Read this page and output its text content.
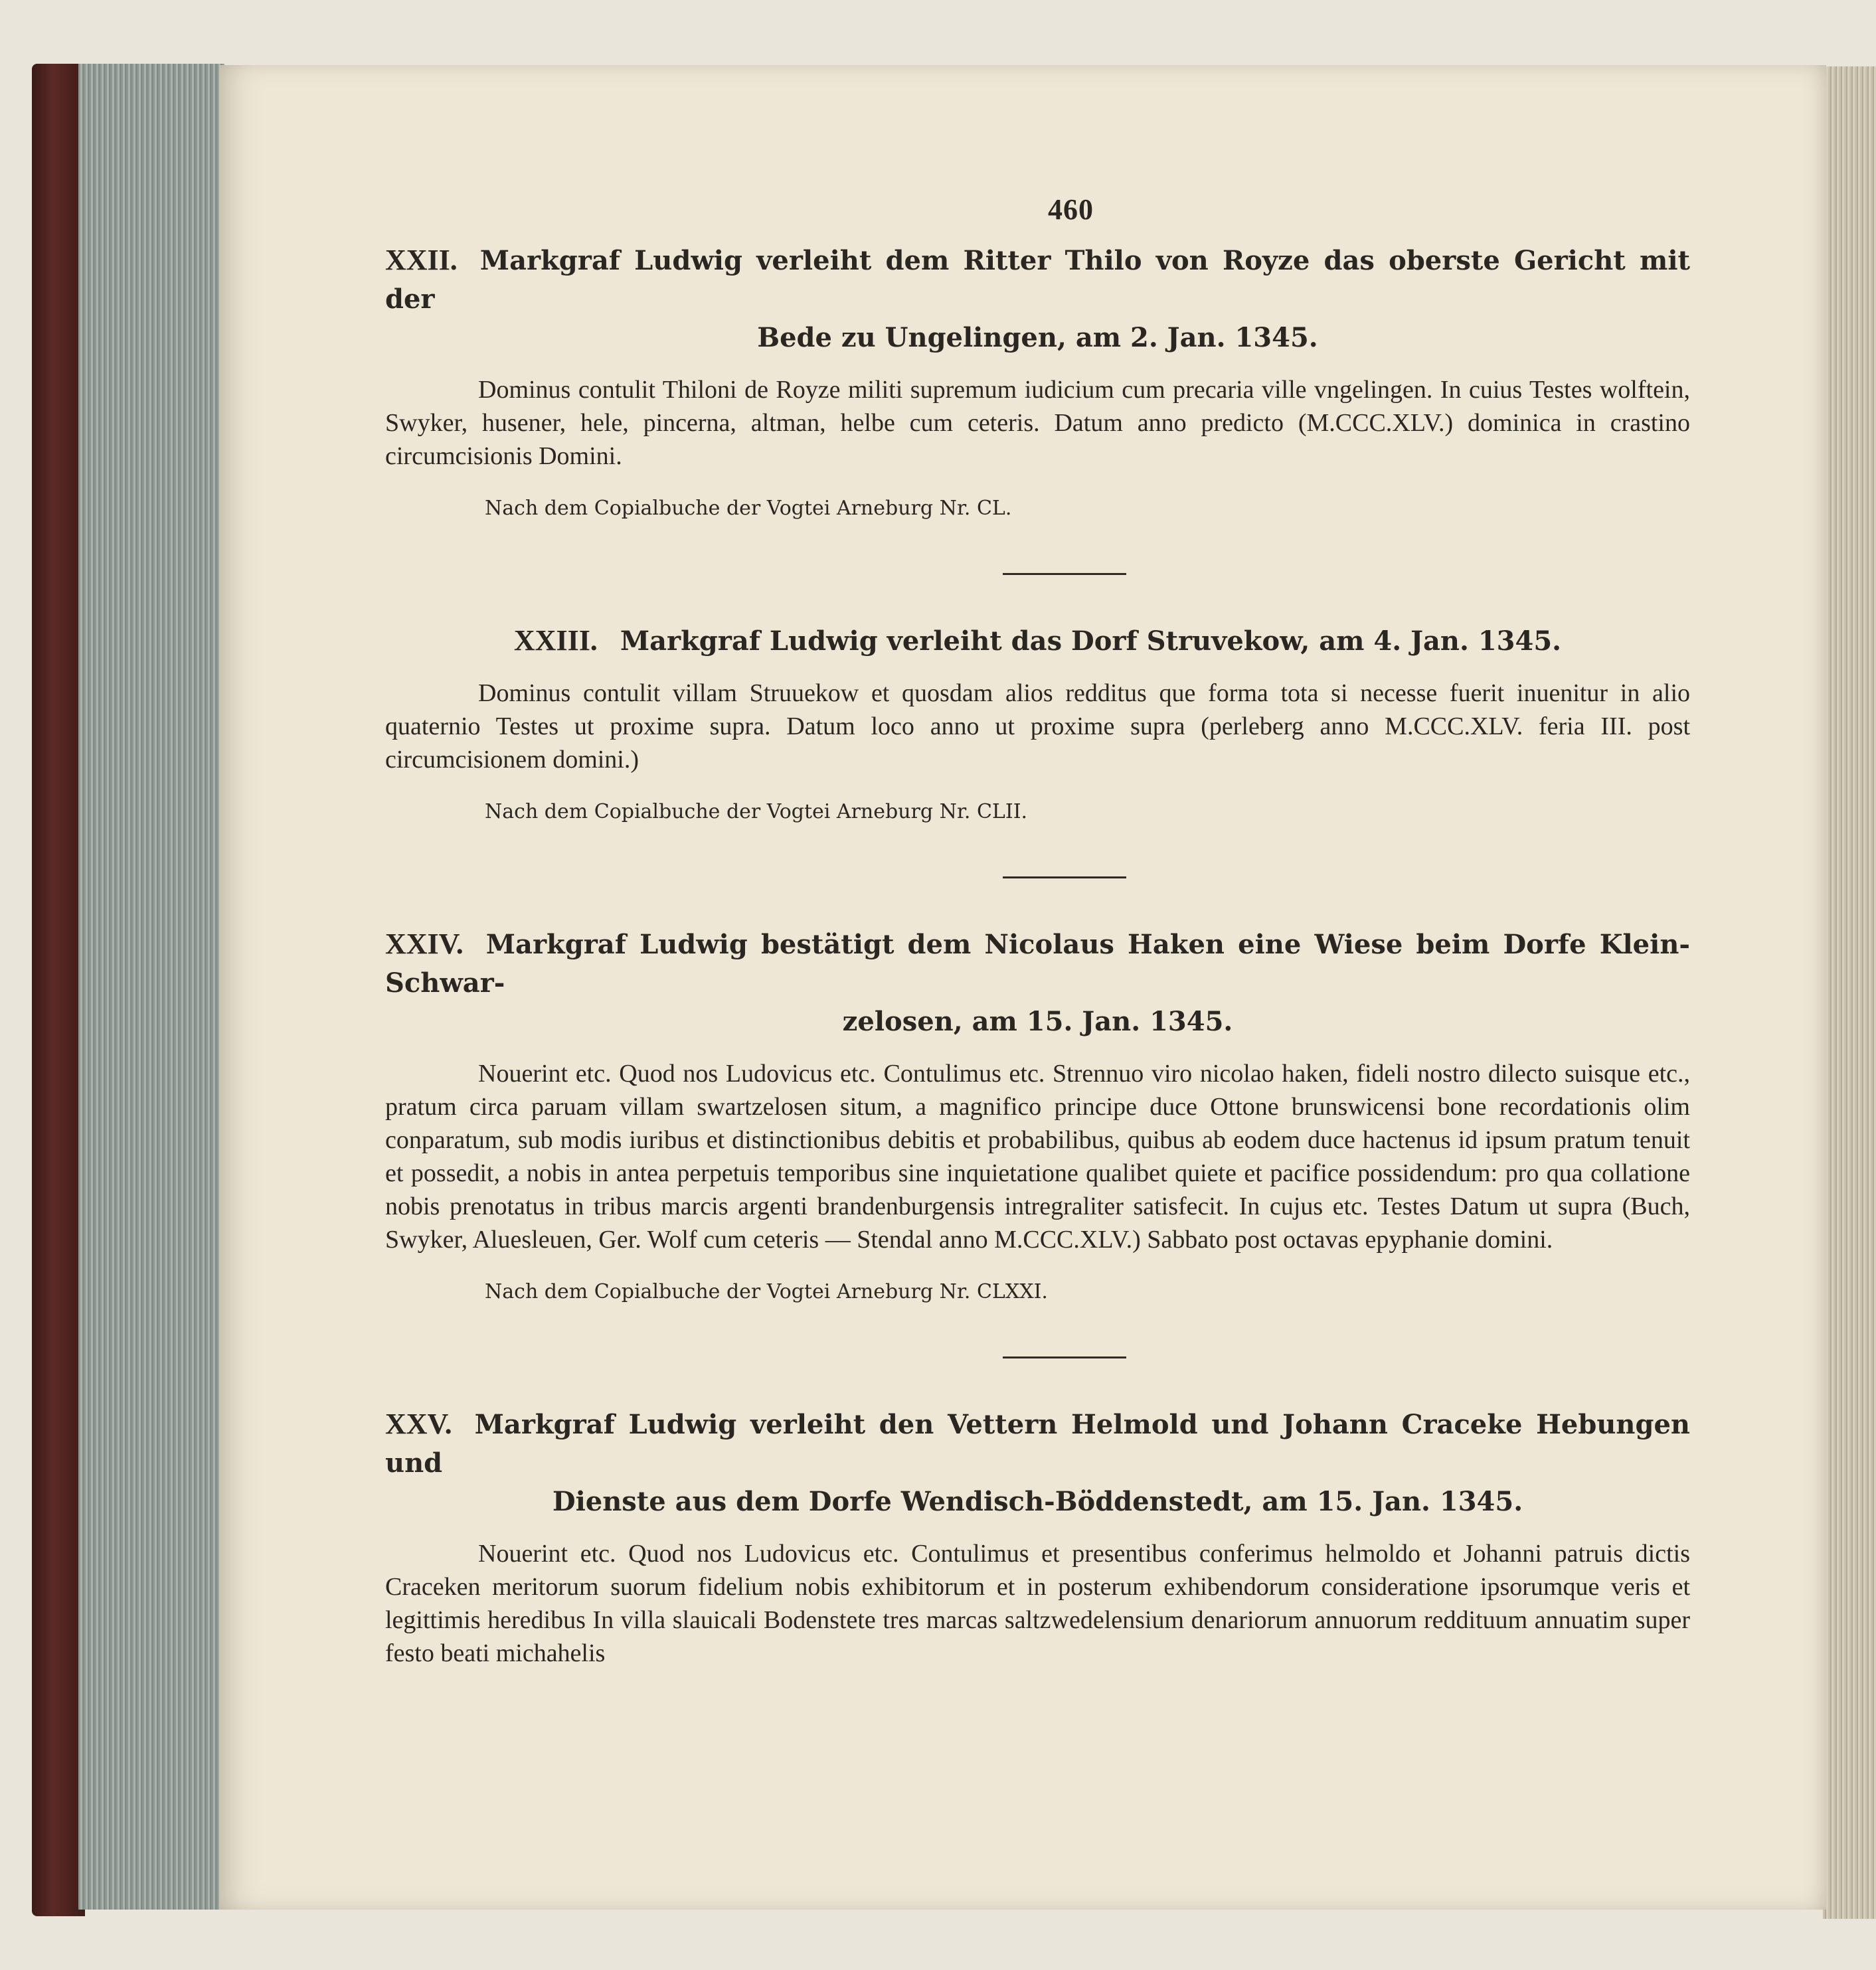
460

XXII. Markgraf Ludwig verleiht dem Ritter Thilo von Royze das oberste Gericht mit der
Bede zu Ungelingen, am 2. Jan. 1345.

Dominus contulit Thiloni de Royze militi supremum iudicium cum precaria ville vngelingen. In cuius Testes wolftein, Swyker, husener, hele, pincerna, altman, helbe cum ceteris. Datum anno predicto (M.CCC.XLV.) dominica in crastino circumcisionis Domini.

Nach dem Copialbuche der Vogtei Arneburg Nr. CL.

XXIII. Markgraf Ludwig verleiht das Dorf Struvekow, am 4. Jan. 1345.

Dominus contulit villam Struuekow et quosdam alios redditus que forma tota si necesse fuerit inuenitur in alio quaternio Testes ut proxime supra. Datum loco anno ut proxime supra (perleberg anno M.CCC.XLV. feria III. post circumcisionem domini.)

Nach dem Copialbuche der Vogtei Arneburg Nr. CLII.

XXIV. Markgraf Ludwig bestätigt dem Nicolaus Haken eine Wiese beim Dorfe Klein-Schwar-
zelosen, am 15. Jan. 1345.

Nouerint etc. Quod nos Ludovicus etc. Contulimus etc. Strennuo viro nicolao haken, fideli nostro dilecto suisque etc., pratum circa paruam villam swartzelosen situm, a magnifico principe duce Ottone brunswicensi bone recordationis olim conparatum, sub modis iuribus et distinctionibus debitis et probabilibus, quibus ab eodem duce hactenus id ipsum pratum tenuit et possedit, a nobis in antea perpetuis temporibus sine inquietatione qualibet quiete et pacifice possidendum: pro qua collatione nobis prenotatus in tribus marcis argenti brandenburgensis intregraliter satisfecit. In cujus etc. Testes Datum ut supra (Buch, Swyker, Aluesleuen, Ger. Wolf cum ceteris — Stendal anno M.CCC.XLV.) Sabbato post octavas epyphanie domini.

Nach dem Copialbuche der Vogtei Arneburg Nr. CLXXI.

XXV. Markgraf Ludwig verleiht den Vettern Helmold und Johann Craceke Hebungen und
Dienste aus dem Dorfe Wendisch-Böddenstedt, am 15. Jan. 1345.

Nouerint etc. Quod nos Ludovicus etc. Contulimus et presentibus conferimus helmoldo et Johanni patruis dictis Craceken meritorum suorum fidelium nobis exhibitorum et in posterum exhibendorum consideratione ipsorumque veris et legittimis heredibus In villa slauicali Bodenstete tres marcas saltzwedelensium denariorum annuorum reddituum annuatim super festo beati michahelis
